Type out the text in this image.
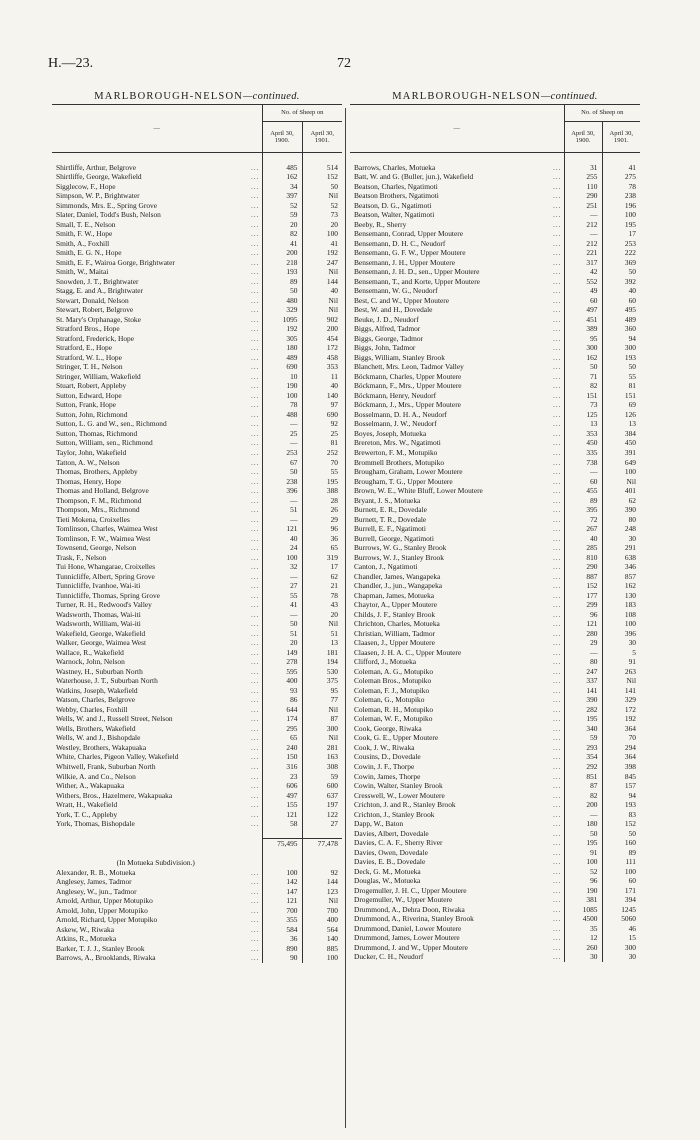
H.—23.	72
MARLBOROUGH-NELSON—continued.
—	No. of Sheep on	
	April 30, 1900.	April 30, 1901.

Shirtliffe, Arthur, Belgrove ...	485	514
Shirtliffe, George, Wakefield ...	162	152
Sigglecow, F., Hope ...	34	50
Simpson, W. P., Brightwater ...	397	Nil
Simmonds, Mrs. E., Spring Grove ...	52	52
Slater, Daniel, Todd's Bush, Nelson ...	59	73
Small, T. E., Nelson ...	20	20
Smith, F. W., Hope ...	82	100
Smith, A., Foxhill ...	41	41
Smith, E. G. N., Hope ...	200	192
Smith, E. F., Wairoa Gorge, Brightwater ...	218	247
Smith, W., Maitai ...	193	Nil
Snowden, J. T., Brightwater ...	89	144
Stagg, E. and A., Brightwater ...	50	40
Stewart, Donald, Nelson ...	480	Nil
Stewart, Robert, Belgrove ...	329	Nil
St. Mary's Orphanage, Stoke ...	1095	902
Stratford Bros., Hope ...	192	200
Stratford, Frederick, Hope ...	305	454
Stratford, E., Hope ...	180	172
Stratford, W. L., Hope ...	489	458
Stringer, T. H., Nelson ...	690	353
Stringer, William, Wakefield ...	10	11
Stuart, Robert, Appleby ...	190	40
Sutton, Edward, Hope ...	100	140
Sutton, Frank, Hope ...	78	97
Sutton, John, Richmond ...	488	690
Sutton, L. G. and W., sen., Richmond ...	—	92
Sutton, Thomas, Richmond ...	25	25
Sutton, William, sen., Richmond ...	—	81
Taylor, John, Wakefield ...	253	252
Tatton, A. W., Nelson ...	67	70
Thomas, Brothers, Appleby ...	50	55
Thomas, Henry, Hope ...	238	195
Thomas and Holland, Belgrove ...	396	388
Thompson, F. M., Richmond ...	—	28
Thompson, Mrs., Richmond ...	51	26
Tieti Mokena, Croixelles ...	—	29
Tomlinson, Charles, Waimea West ...	121	96
Tomlinson, F. W., Waimea West ...	40	36
Townsend, George, Nelson ...	24	65
Trask, F., Nelson ...	100	319
Tui Hone, Whangarae, Croixelles ...	32	17
Tunnicliffe, Albert, Spring Grove ...	—	62
Tunnicliffe, Ivanhoe, Wai-iti ...	27	21
Tunnicliffe, Thomas, Spring Grove ...	55	78
Turner, R. H., Redwood's Valley ...	41	43
Wadsworth, Thomas, Wai-iti ...	—	20
Wadsworth, William, Wai-iti ...	50	Nil
Wakefield, George, Wakefield ...	51	51
Walker, George, Waimea West ...	20	13
Wallace, R., Wakefield ...	149	181
Warnock, John, Nelson ...	278	194
Wastney, H., Suburban North ...	595	530
Waterhouse, J. T., Suburban North ...	400	375
Watkins, Joseph, Wakefield ...	93	95
Watson, Charles, Belgrove ...	86	77
Webby, Charles, Foxhill ...	644	Nil
Wells, W. and J., Russell Street, Nelson ...	174	87
Wells, Brothers, Wakefield ...	295	300
Wells, W. and J., Bishopdale ...	65	Nil
Westley, Brothers, Wakapuaka ...	240	281
White, Charles, Pigeon Valley, Wakefield ...	150	163
Whitwell, Frank, Suburban North ...	316	308
Wilkie, A. and Co., Nelson ...	23	59
Wither, A., Wakapuaka ...	606	600
Withers, Bros., Hazelmere, Wakapuaka ...	497	637
Wratt, H., Wakefield ...	155	197
York, T. C., Appleby ...	121	122
York, Thomas, Bishopdale ...	58	27

	75,495	77,478

(In Motueka Subdivision.)		
Alexander, R. B., Motueka ...	100	92
Anglesey, James, Tadmor ...	142	144
Anglesey, W., jun., Tadmor ...	147	123
Arnold, Arthur, Upper Motupiko ...	121	Nil
Arnold, John, Upper Motupiko ...	700	700
Arnold, Richard, Upper Motupiko ...	355	400
Askew, W., Riwaka ...	584	564
Atkins, R., Motueka ...	36	140
Barker, T. J. J., Stanley Brook ...	890	885
Barrows, A., Brooklands, Riwaka ...	90	100
MARLBOROUGH-NELSON—continued.
—	No. of Sheep on	
	April 30, 1900.	April 30, 1901.

Barrows, Charles, Motueka ...	31	41
Batt, W. and G. (Buller, jun.), Wakefield ...	255	275
Beatson, Charles, Ngatimoti ...	110	78
Beatson Brothers, Ngatimoti ...	290	238
Beatson, D. G., Ngatimoti ...	251	196
Beatson, Walter, Ngatimoti ...	—	100
Beeby, R., Sherry ...	212	195
Bensemann, Conrad, Upper Moutere ...	—	17
Bensemann, D. H. C., Neudorf ...	212	253
Bensemann, G. F. W., Upper Moutere ...	221	222
Bensemann, J. H., Upper Moutere ...	317	369
Bensemann, J. H. D., sen., Upper Moutere ...	42	50
Bensemann, T., and Korte, Upper Moutere ...	552	392
Bensemann, W. G., Neudorf ...	49	40
Best, C. and W., Upper Moutere ...	60	60
Best, W. and H., Dovedale ...	497	495
Beuke, J. D., Neudorf ...	451	489
Biggs, Alfred, Tadmor ...	389	360
Biggs, George, Tadmor ...	95	94
Biggs, John, Tadmor ...	300	300
Biggs, William, Stanley Brook ...	162	193
Blanchett, Mrs. Leon, Tadmor Valley ...	50	50
Böckmann, Charles, Upper Moutere ...	71	55
Böckmann, F., Mrs., Upper Moutere ...	82	81
Böckmann, Henry, Neudorf ...	151	151
Böckmann, J., Mrs., Upper Moutere ...	73	69
Bosselmann, D. H. A., Neudorf ...	125	126
Bosselmann, J. W., Neudorf ...	13	13
Boyes, Joseph, Motueka ...	353	384
Brereton, Mrs. W., Ngatimoti ...	450	450
Brewerton, F. M., Motupiko ...	335	391
Brommell Brothers, Motupiko ...	738	649
Brougham, Graham, Lower Moutere ...	—	100
Brougham, T. G., Upper Moutere ...	60	Nil
Brown, W. E., White Bluff, Lower Moutere ...	455	401
Bryant, J. S., Motueka ...	89	62
Burnett, E. R., Dovedale ...	395	390
Burnett, T. R., Dovedale ...	72	80
Burrell, E. F., Ngatimoti ...	267	248
Burrell, George, Ngatimoti ...	40	30
Burrows, W. G., Stanley Brook ...	285	291
Burrows, W. J., Stanley Brook ...	810	638
Canton, J., Ngatimoti ...	290	346
Chandler, James, Wangapeka ...	887	857
Chandler, J., jun., Wangapeka ...	152	162
Chapman, James, Motueka ...	177	130
Chaytor, A., Upper Moutere ...	299	183
Childs, J. F., Stanley Brook ...	96	108
Chrichton, Charles, Motueka ...	121	100
Christian, William, Tadmor ...	280	396
Claasen, J., Upper Moutere ...	29	30
Claasen, J. H. A. C., Upper Moutere ...	—	5
Clifford, J., Motueka ...	80	91
Coleman, A. G., Motupiko ...	247	263
Coleman Bros., Motupiko ...	337	Nil
Coleman, F. J., Motupiko ...	141	141
Coleman, G., Motupiko ...	390	329
Coleman, R. H., Motupiko ...	282	172
Coleman, W. F., Motupiko ...	195	192
Cook, George, Riwaka ...	340	364
Cook, G. E., Upper Moutere ...	59	70
Cook, J. W., Riwaka ...	293	294
Cousins, D., Dovedale ...	354	364
Cowin, J. F., Thorpe ...	292	398
Cowin, James, Thorpe ...	851	845
Cowin, Walter, Stanley Brook ...	87	157
Cresswell, W., Lower Moutere ...	82	94
Crichton, J. and R., Stanley Brook ...	200	193
Crichton, J., Stanley Brook ...	—	83
Dapp, W., Baton ...	180	152
Davies, Albert, Dovedale ...	50	50
Davies, C. A. F., Sherry River ...	195	160
Davies, Owen, Dovedale ...	91	89
Davies, E. B., Dovedale ...	100	111
Deck, G. M., Motueka ...	52	100
Douglas, W., Motueka ...	96	60
Drogemuller, J. H. C., Upper Moutere ...	190	171
Drogemuller, W., Upper Moutere ...	381	394
Drummond, A., Dehra Doon, Riwaka ...	1085	1245
Drummond, A., Riverina, Stanley Brook ...	4500	5060
Drummond, Daniel, Lower Moutere ...	35	46
Drummond, James, Lower Moutere ...	12	15
Drummond, J. and W., Upper Moutere ...	260	300
Ducker, C. H., Neudorf ...	30	30
